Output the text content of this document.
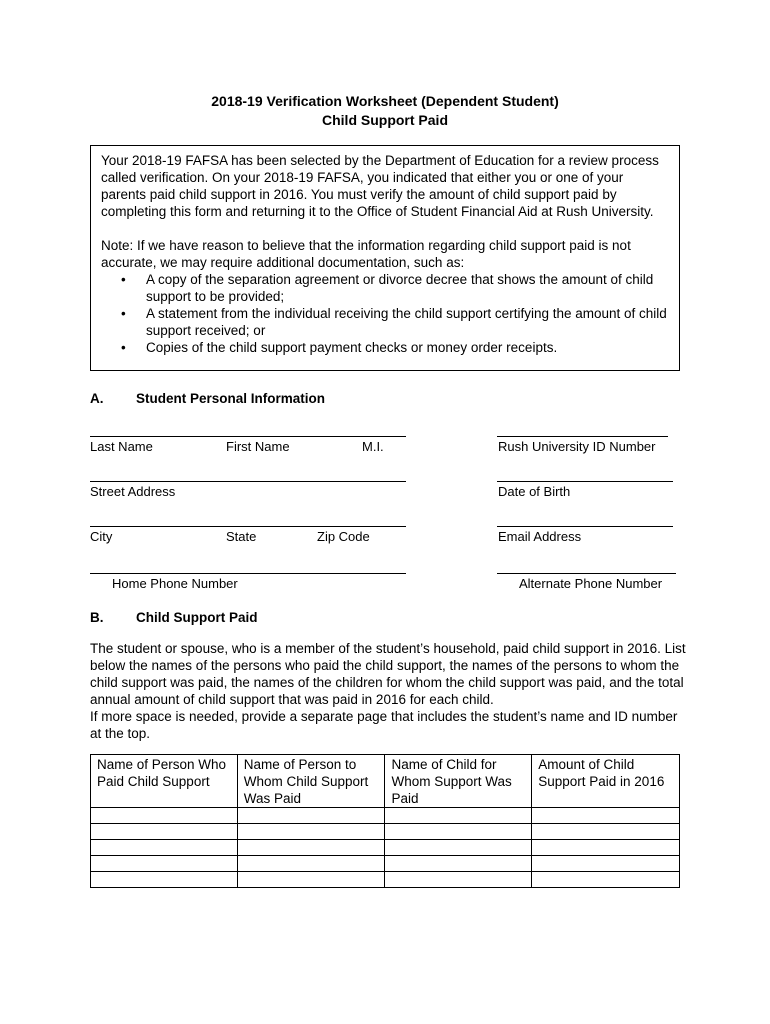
2018-19 Verification Worksheet (Dependent Student)
Child Support Paid

Your 2018-19 FAFSA has been selected by the Department of Education for a review process called verification. On your 2018-19 FAFSA, you indicated that either you or one of your parents paid child support in 2016. You must verify the amount of child support paid by completing this form and returning it to the Office of Student Financial Aid at Rush University.

Note: If we have reason to believe that the information regarding child support paid is not accurate, we may require additional documentation, such as:

• A copy of the separation agreement or divorce decree that shows the amount of child support to be provided;
• A statement from the individual receiving the child support certifying the amount of child support received; or
• Copies of the child support payment checks or money order receipts.
A. Student Personal Information
Last Name	First Name	M.I.	Rush University ID Number
Street Address	Date of Birth
City	State	Zip Code	Email Address
Home Phone Number	Alternate Phone Number
B. Child Support Paid

The student or spouse, who is a member of the student’s household, paid child support in 2016. List below the names of the persons who paid the child support, the names of the persons to whom the child support was paid, the names of the children for whom the child support was paid, and the total annual amount of child support that was paid in 2016 for each child.

If more space is needed, provide a separate page that includes the student’s name and ID number at the top.

Name of Person Who Paid Child Support	Name of Person to Whom Child Support Was Paid	Name of Child for Whom Support Was Paid	Amount of Child Support Paid in 2016
